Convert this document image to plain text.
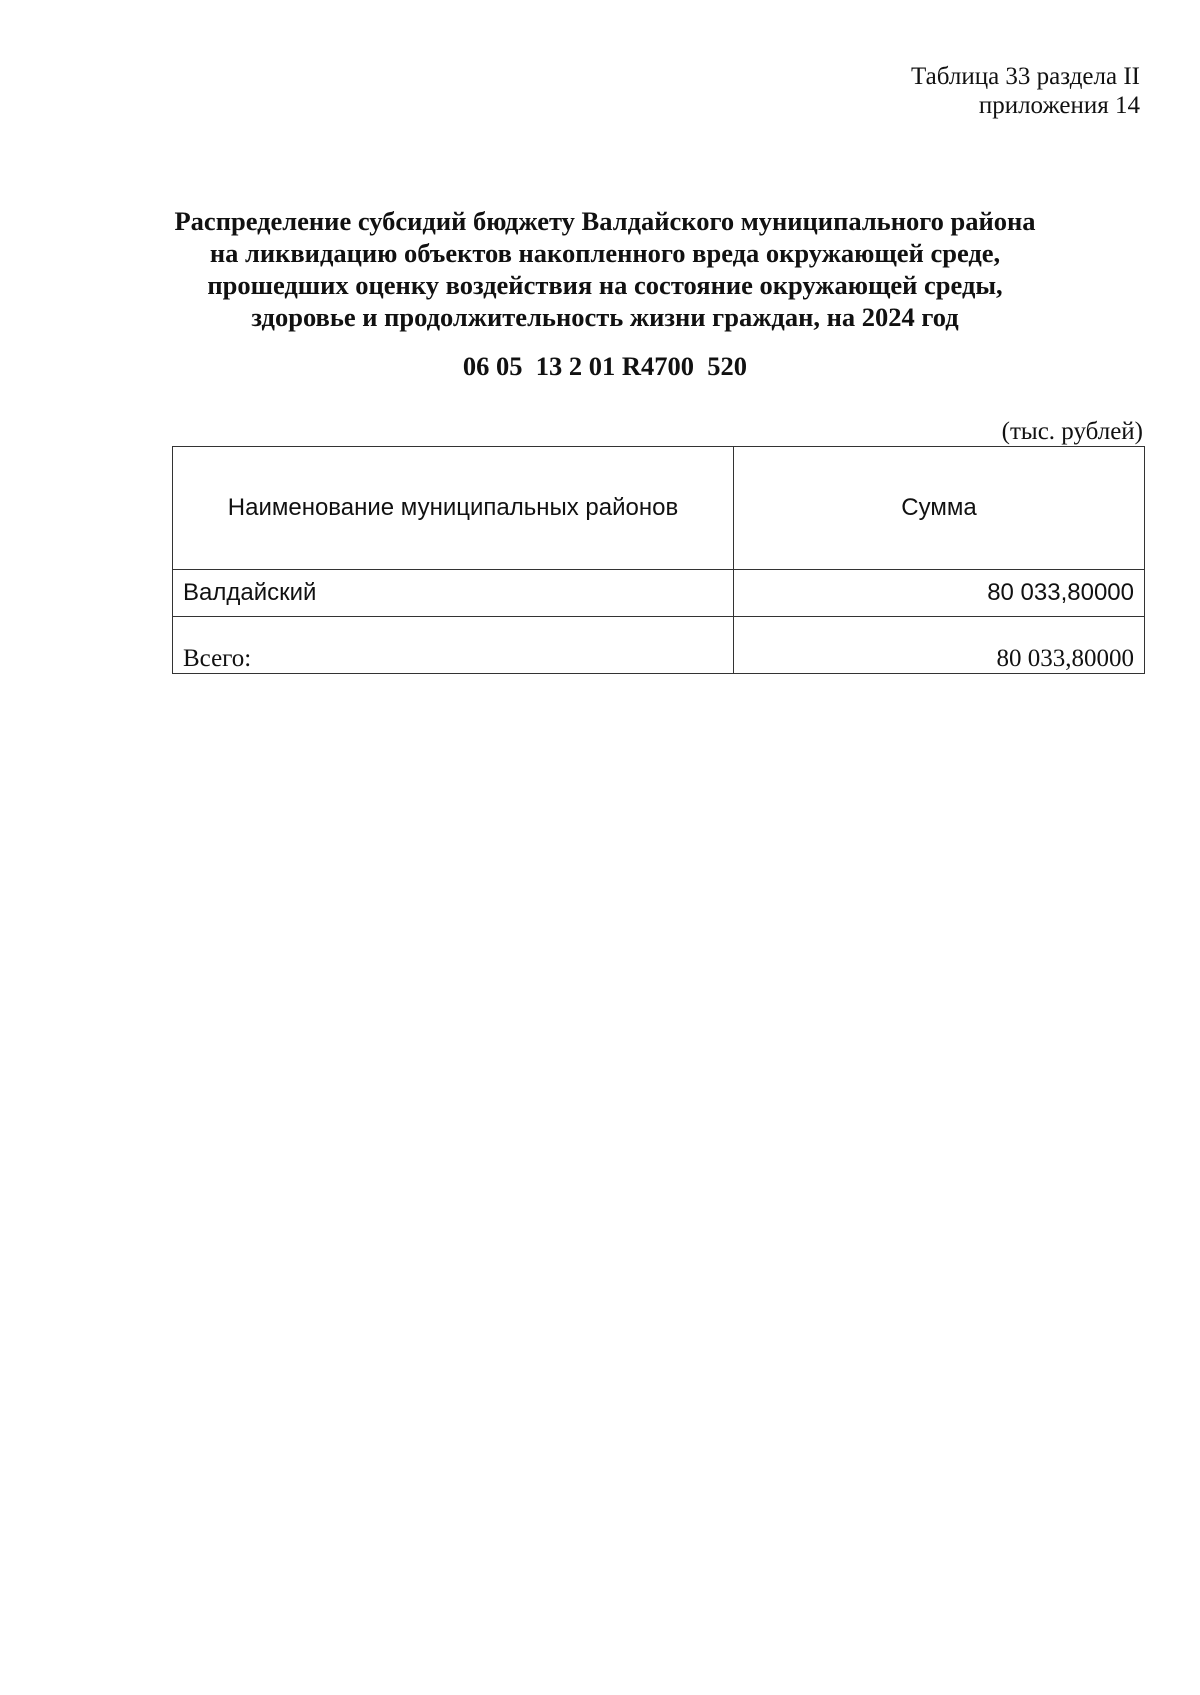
Таблица 33 раздела II
приложения 14
Распределение субсидий бюджету Валдайского муниципального района
на ликвидацию объектов накопленного вреда окружающей среде,
прошедших оценку воздействия на состояние окружающей среды,
здоровье и продолжительность жизни граждан, на 2024 год
06 05  13 2 01 R4700  520
(тыс. рублей)
Наименование муниципальных районов	Сумма
Валдайский	80 033,80000
Всего:	80 033,80000
